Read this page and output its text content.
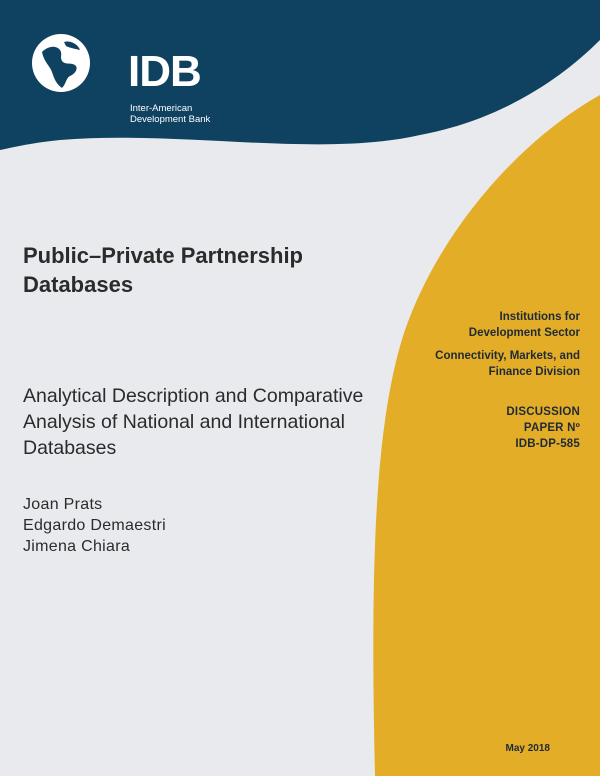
IDB
Inter-American
Development Bank
Public–Private Partnership
Databases
Analytical Description and Comparative
Analysis of National and International
Databases
Joan Prats
Edgardo Demaestri
Jimena Chiara
Institutions for
Development Sector
Connectivity, Markets, and
Finance Division
DISCUSSION
PAPER Nº
IDB-DP-585
May 2018
